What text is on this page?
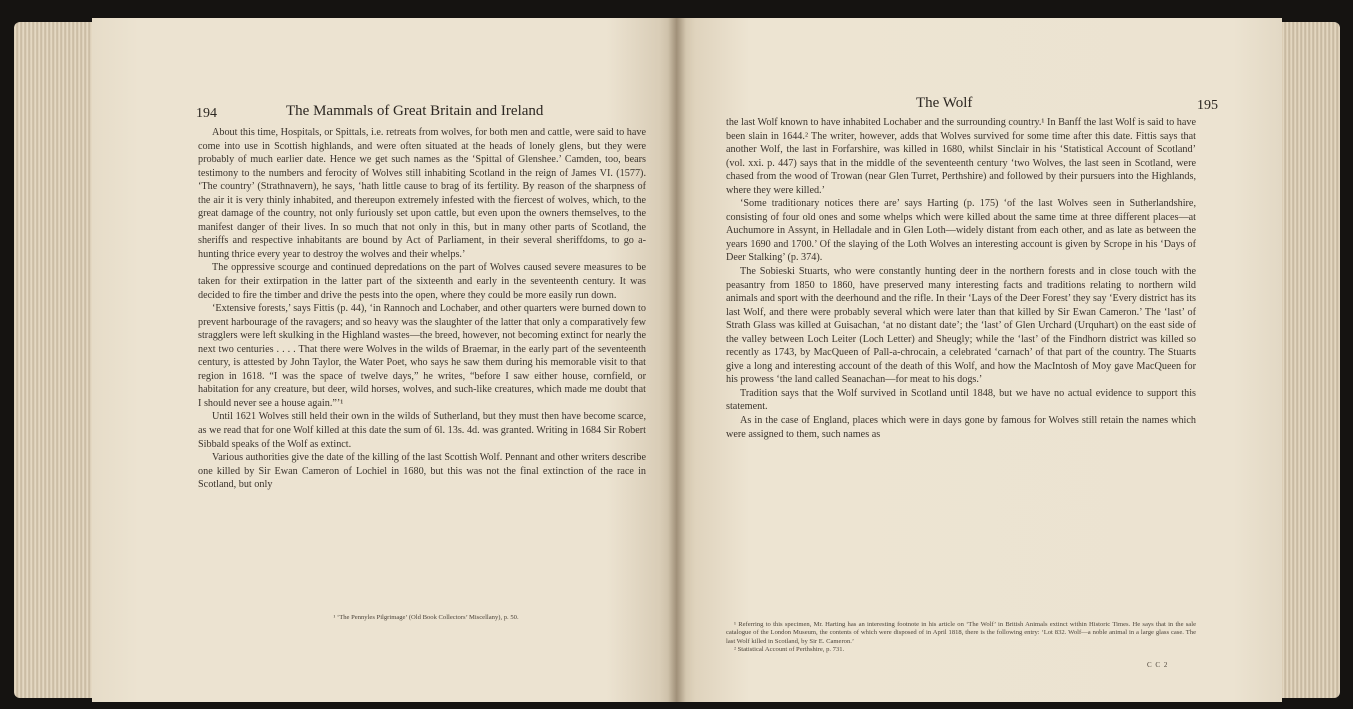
194	The Mammals of Great Britain and Ireland

About this time, Hospitals, or Spittals, i.e. retreats from wolves, for both men and cattle, were said to have come into use in Scottish highlands, and were often situated at the heads of lonely glens, but they were probably of much earlier date. Hence we get such names as the ‘Spittal of Glenshee.’ Camden, too, bears testimony to the numbers and ferocity of Wolves still inhabiting Scotland in the reign of James VI. (1577). ‘The country’ (Strathnavern), he says, ‘hath little cause to brag of its fertility. By reason of the sharpness of the air it is very thinly inhabited, and thereupon extremely infested with the fiercest of wolves, which, to the great damage of the country, not only furiously set upon cattle, but even upon the owners themselves, to the manifest danger of their lives. In so much that not only in this, but in many other parts of Scotland, the sheriffs and respective inhabitants are bound by Act of Parliament, in their several sheriffdoms, to go a-hunting thrice every year to destroy the wolves and their whelps.’

The oppressive scourge and continued depredations on the part of Wolves caused severe measures to be taken for their extirpation in the latter part of the sixteenth and early in the seventeenth century. It was decided to fire the timber and drive the pests into the open, where they could be more easily run down.

‘Extensive forests,’ says Fittis (p. 44), ‘in Rannoch and Lochaber, and other quarters were burned down to prevent harbourage of the ravagers; and so heavy was the slaughter of the latter that only a comparatively few stragglers were left skulking in the Highland wastes—the breed, however, not becoming extinct for nearly the next two centuries . . . . That there were Wolves in the wilds of Braemar, in the early part of the seventeenth century, is attested by John Taylor, the Water Poet, who says he saw them during his memorable visit to that region in 1618. “I was the space of twelve days,” he writes, “before I saw either house, cornfield, or habitation for any creature, but deer, wild horses, wolves, and such-like creatures, which made me doubt that I should never see a house again.”’¹

Until 1621 Wolves still held their own in the wilds of Sutherland, but they must then have become scarce, as we read that for one Wolf killed at this date the sum of 6l. 13s. 4d. was granted. Writing in 1684 Sir Robert Sibbald speaks of the Wolf as extinct.

Various authorities give the date of the killing of the last Scottish Wolf. Pennant and other writers describe one killed by Sir Ewan Cameron of Lochiel in 1680, but this was not the final extinction of the race in Scotland, but only

¹ ‘The Pennyles Pilgrimage’ (Old Book Collectors’ Miscellany), p. 50.

The Wolf	195

the last Wolf known to have inhabited Lochaber and the surrounding country.¹ In Banff the last Wolf is said to have been slain in 1644.² The writer, however, adds that Wolves survived for some time after this date. Fittis says that another Wolf, the last in Forfarshire, was killed in 1680, whilst Sinclair in his ‘Statistical Account of Scotland’ (vol. xxi. p. 447) says that in the middle of the seventeenth century ‘two Wolves, the last seen in Scotland, were chased from the wood of Trowan (near Glen Turret, Perthshire) and followed by their pursuers into the Highlands, where they were killed.’

‘Some traditionary notices there are’ says Harting (p. 175) ‘of the last Wolves seen in Sutherlandshire, consisting of four old ones and some whelps which were killed about the same time at three different places—at Auchumore in Assynt, in Helladale and in Glen Loth—widely distant from each other, and as late as between the years 1690 and 1700.’ Of the slaying of the Loth Wolves an interesting account is given by Scrope in his ‘Days of Deer Stalking’ (p. 374).

The Sobieski Stuarts, who were constantly hunting deer in the northern forests and in close touch with the peasantry from 1850 to 1860, have preserved many interesting facts and traditions relating to northern wild animals and sport with the deerhound and the rifle. In their ‘Lays of the Deer Forest’ they say ‘Every district has its last Wolf, and there were probably several which were later than that killed by Sir Ewan Cameron.’ The ‘last’ of Strath Glass was killed at Guisachan, ‘at no distant date’; the ‘last’ of Glen Urchard (Urquhart) on the east side of the valley between Loch Leiter (Loch Letter) and Sheugly; while the ‘last’ of the Findhorn district was killed so recently as 1743, by MacQueen of Pall-a-chrocain, a celebrated ‘carnach’ of that part of the country. The Stuarts give a long and interesting account of the death of this Wolf, and how the MacIntosh of Moy gave MacQueen for his prowess ‘the land called Seanachan—for meat to his dogs.’

Tradition says that the Wolf survived in Scotland until 1848, but we have no actual evidence to support this statement.

As in the case of England, places which were in days gone by famous for Wolves still retain the names which were assigned to them, such names as

¹ Referring to this specimen, Mr. Harting has an interesting footnote in his article on ‘The Wolf’ in British Animals extinct within Historic Times. He says that in the sale catalogue of the London Museum, the contents of which were disposed of in April 1818, there is the following entry: ‘Lot 832. Wolf—a noble animal in a large glass case. The last Wolf killed in Scotland, by Sir E. Cameron.’

² Statistical Account of Perthshire, p. 731.

C C 2
